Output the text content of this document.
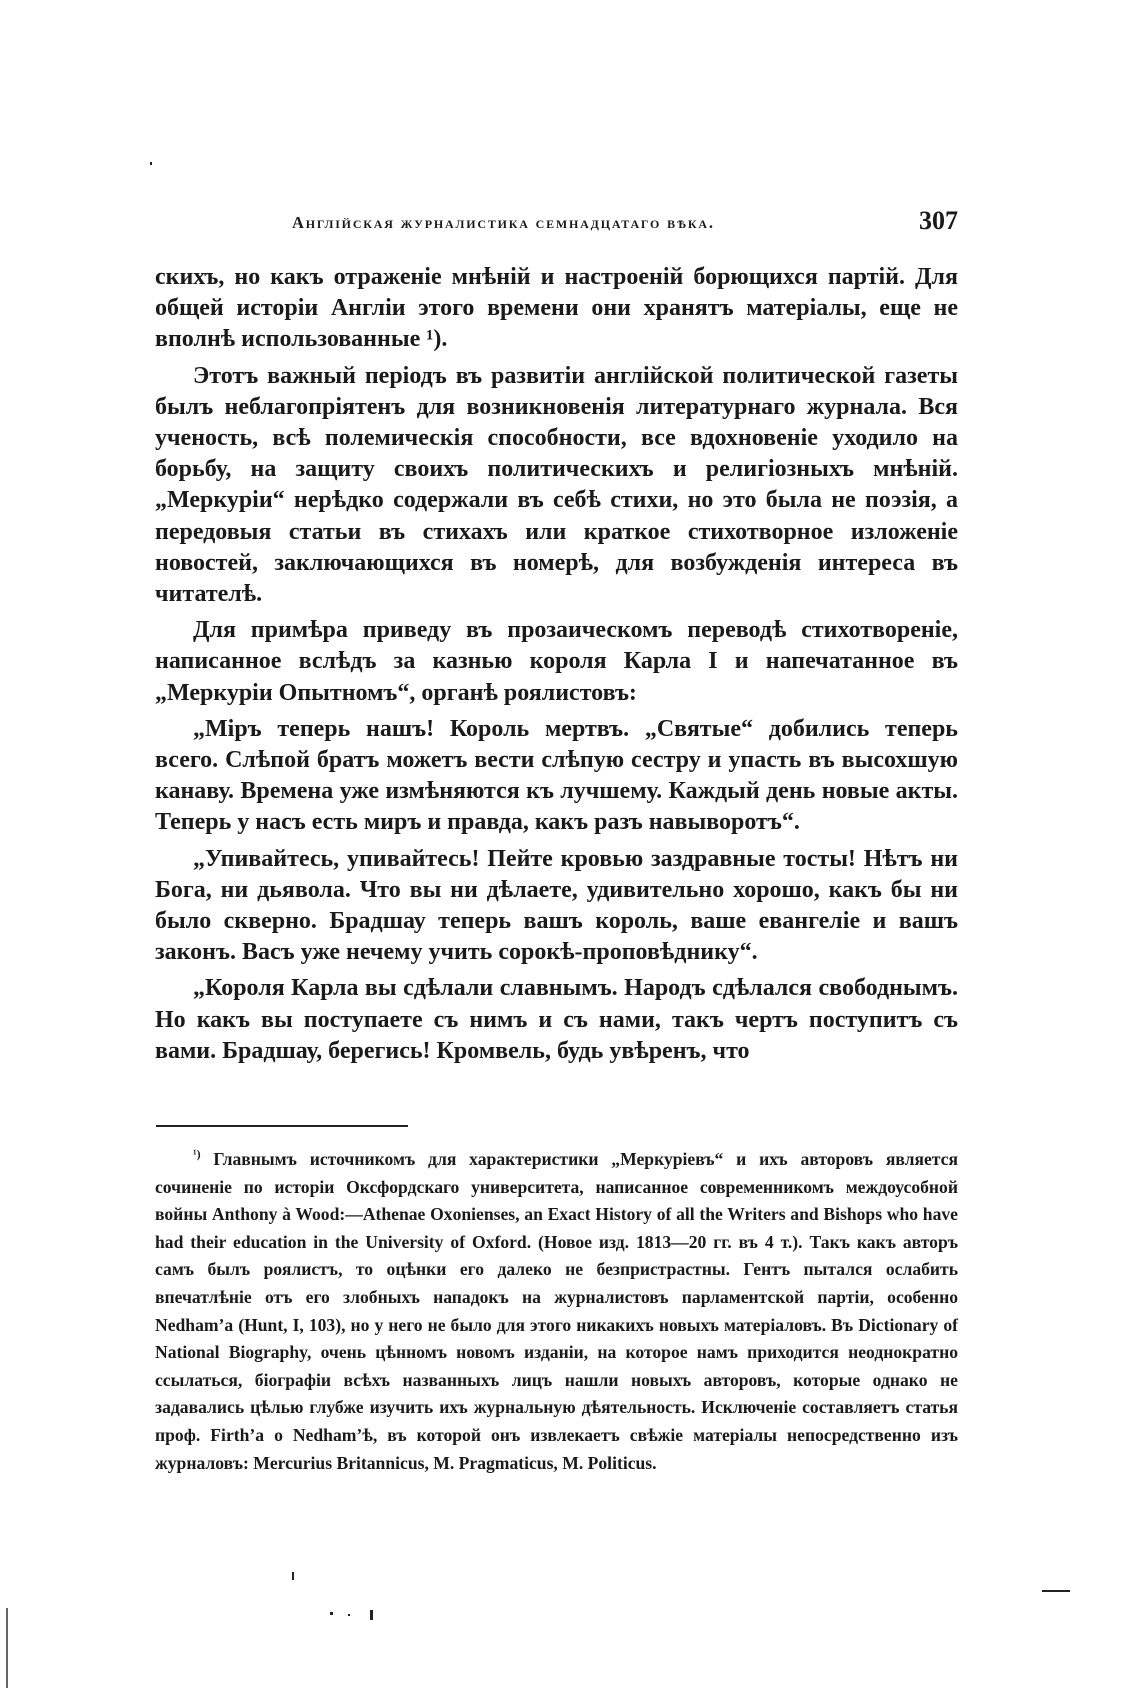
Англійская журналистика семнадцатаго вѣка.	307

скихъ, но какъ отраженіе мнѣній и настроеній борющихся партій. Для общей исторіи Англіи этого времени они хранятъ матеріалы, еще не вполнѣ использованные ¹).

Этотъ важный періодъ въ развитіи англійской политической газеты былъ неблагопріятенъ для возникновенія литературнаго журнала. Вся ученость, всѣ полемическія способности, все вдохновеніе уходило на борьбу, на защиту своихъ политическихъ и религіозныхъ мнѣній. „Меркуріи“ нерѣдко содержали въ себѣ стихи, но это была не поэзія, а передовыя статьи въ стихахъ или краткое стихотворное изложеніе новостей, заключающихся въ номерѣ, для возбужденія интереса въ читателѣ.

Для примѣра приведу въ прозаическомъ переводѣ стихотвореніе, написанное вслѣдъ за казнью короля Карла I и напечатанное въ „Меркуріи Опытномъ“, органѣ роялистовъ:

„Міръ теперь нашъ! Король мертвъ. „Святые“ добились теперь всего. Слѣпой братъ можетъ вести слѣпую сестру и упасть въ высохшую канаву. Времена уже измѣняются къ лучшему. Каждый день новые акты. Теперь у насъ есть миръ и правда, какъ разъ навыворотъ“.

„Упивайтесь, упивайтесь! Пейте кровью заздравные тосты! Нѣтъ ни Бога, ни дьявола. Что вы ни дѣлаете, удивительно хорошо, какъ бы ни было скверно. Брадшау теперь вашъ король, ваше евангеліе и вашъ законъ. Васъ уже нечему учить сорокѣ-проповѣднику“.

„Короля Карла вы сдѣлали славнымъ. Народъ сдѣлался свободнымъ. Но какъ вы поступаете съ нимъ и съ нами, такъ чертъ поступитъ съ вами. Брадшау, берегись! Кромвель, будь увѣренъ, что

$^{^1)}$ Главнымъ источникомъ для характеристики „Меркуріевъ“ и ихъ авторовъ является сочиненіе по исторіи Оксфордскаго университета, написанное современникомъ междоусобной войны Anthony à Wood:—Athenae Oxonienses, an Exact History of all the Writers and Bishops who have had their education in the University of Oxford. (Новое изд. 1813—20 гг. въ 4 т.). Такъ какъ авторъ самъ былъ роялистъ, то оцѣнки его далеко не безпристрастны. Гентъ пытался ослабить впечатлѣніе отъ его злобныхъ нападокъ на журналистовъ парламентской партіи, особенно Nedham’a (Hunt, I, 103), но у него не было для этого никакихъ новыхъ матеріаловъ. Въ Dictionary of National Biography, очень цѣнномъ новомъ изданіи, на которое намъ приходится неоднократно ссылаться, біографіи всѣхъ названныхъ лицъ нашли новыхъ авторовъ, которые однако не задавались цѣлью глубже изучить ихъ журнальную дѣятельность. Исключеніе составляетъ статья проф. Firth’a о Nedham’ѣ, въ которой онъ извлекаетъ свѣжіе матеріалы непосредственно изъ журналовъ: Mercurius Britannicus, M. Pragmaticus, M. Politicus.
